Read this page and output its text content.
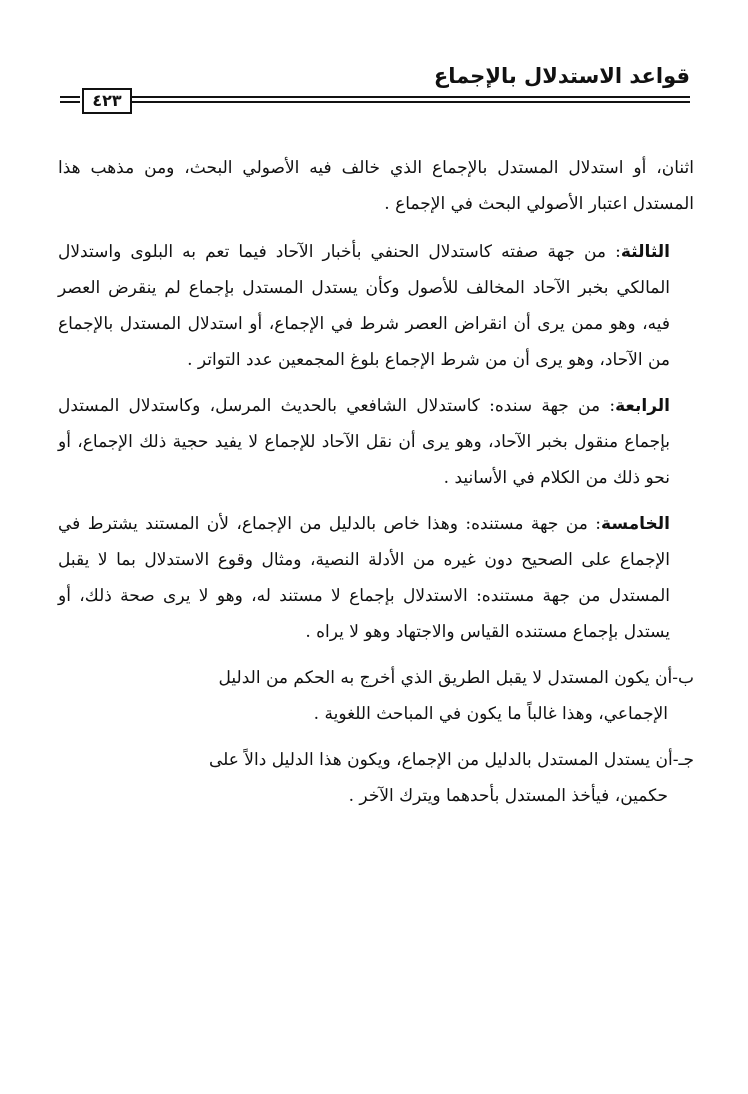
قواعد الاستدلال بالإجماع
٤٢٣

اثنان، أو استدلال المستدل بالإجماع الذي خالف فيه الأصولي البحث، ومن مذهب هذا المستدل اعتبار الأصولي البحث في الإجماع .

الثالثة: من جهة صفته كاستدلال الحنفي بأخبار الآحاد فيما تعم به البلوى واستدلال المالكي بخبر الآحاد المخالف للأصول وكأن يستدل المستدل بإجماع لم ينقرض العصر فيه، وهو ممن يرى أن انقراض العصر شرط في الإجماع، أو استدلال المستدل بالإجماع من الآحاد، وهو يرى أن من شرط الإجماع بلوغ المجمعين عدد التواتر .

الرابعة: من جهة سنده: كاستدلال الشافعي بالحديث المرسل، وكاستدلال المستدل بإجماع منقول بخبر الآحاد، وهو يرى أن نقل الآحاد للإجماع لا يفيد حجية ذلك الإجماع، أو نحو ذلك من الكلام في الأسانيد .

الخامسة: من جهة مستنده: وهذا خاص بالدليل من الإجماع، لأن المستند يشترط في الإجماع على الصحيح دون غيره من الأدلة النصية، ومثال وقوع الاستدلال بما لا يقبل المستدل من جهة مستنده: الاستدلال بإجماع لا مستند له، وهو لا يرى صحة ذلك، أو يستدل بإجماع مستنده القياس والاجتهاد وهو لا يراه .

ب-أن يكون المستدل لا يقبل الطريق الذي أخرج به الحكم من الدليل
الإجماعي، وهذا غالباً ما يكون في المباحث اللغوية .

جـ-أن يستدل المستدل بالدليل من الإجماع، ويكون هذا الدليل دالاً على
حكمين، فيأخذ المستدل بأحدهما ويترك الآخر .
